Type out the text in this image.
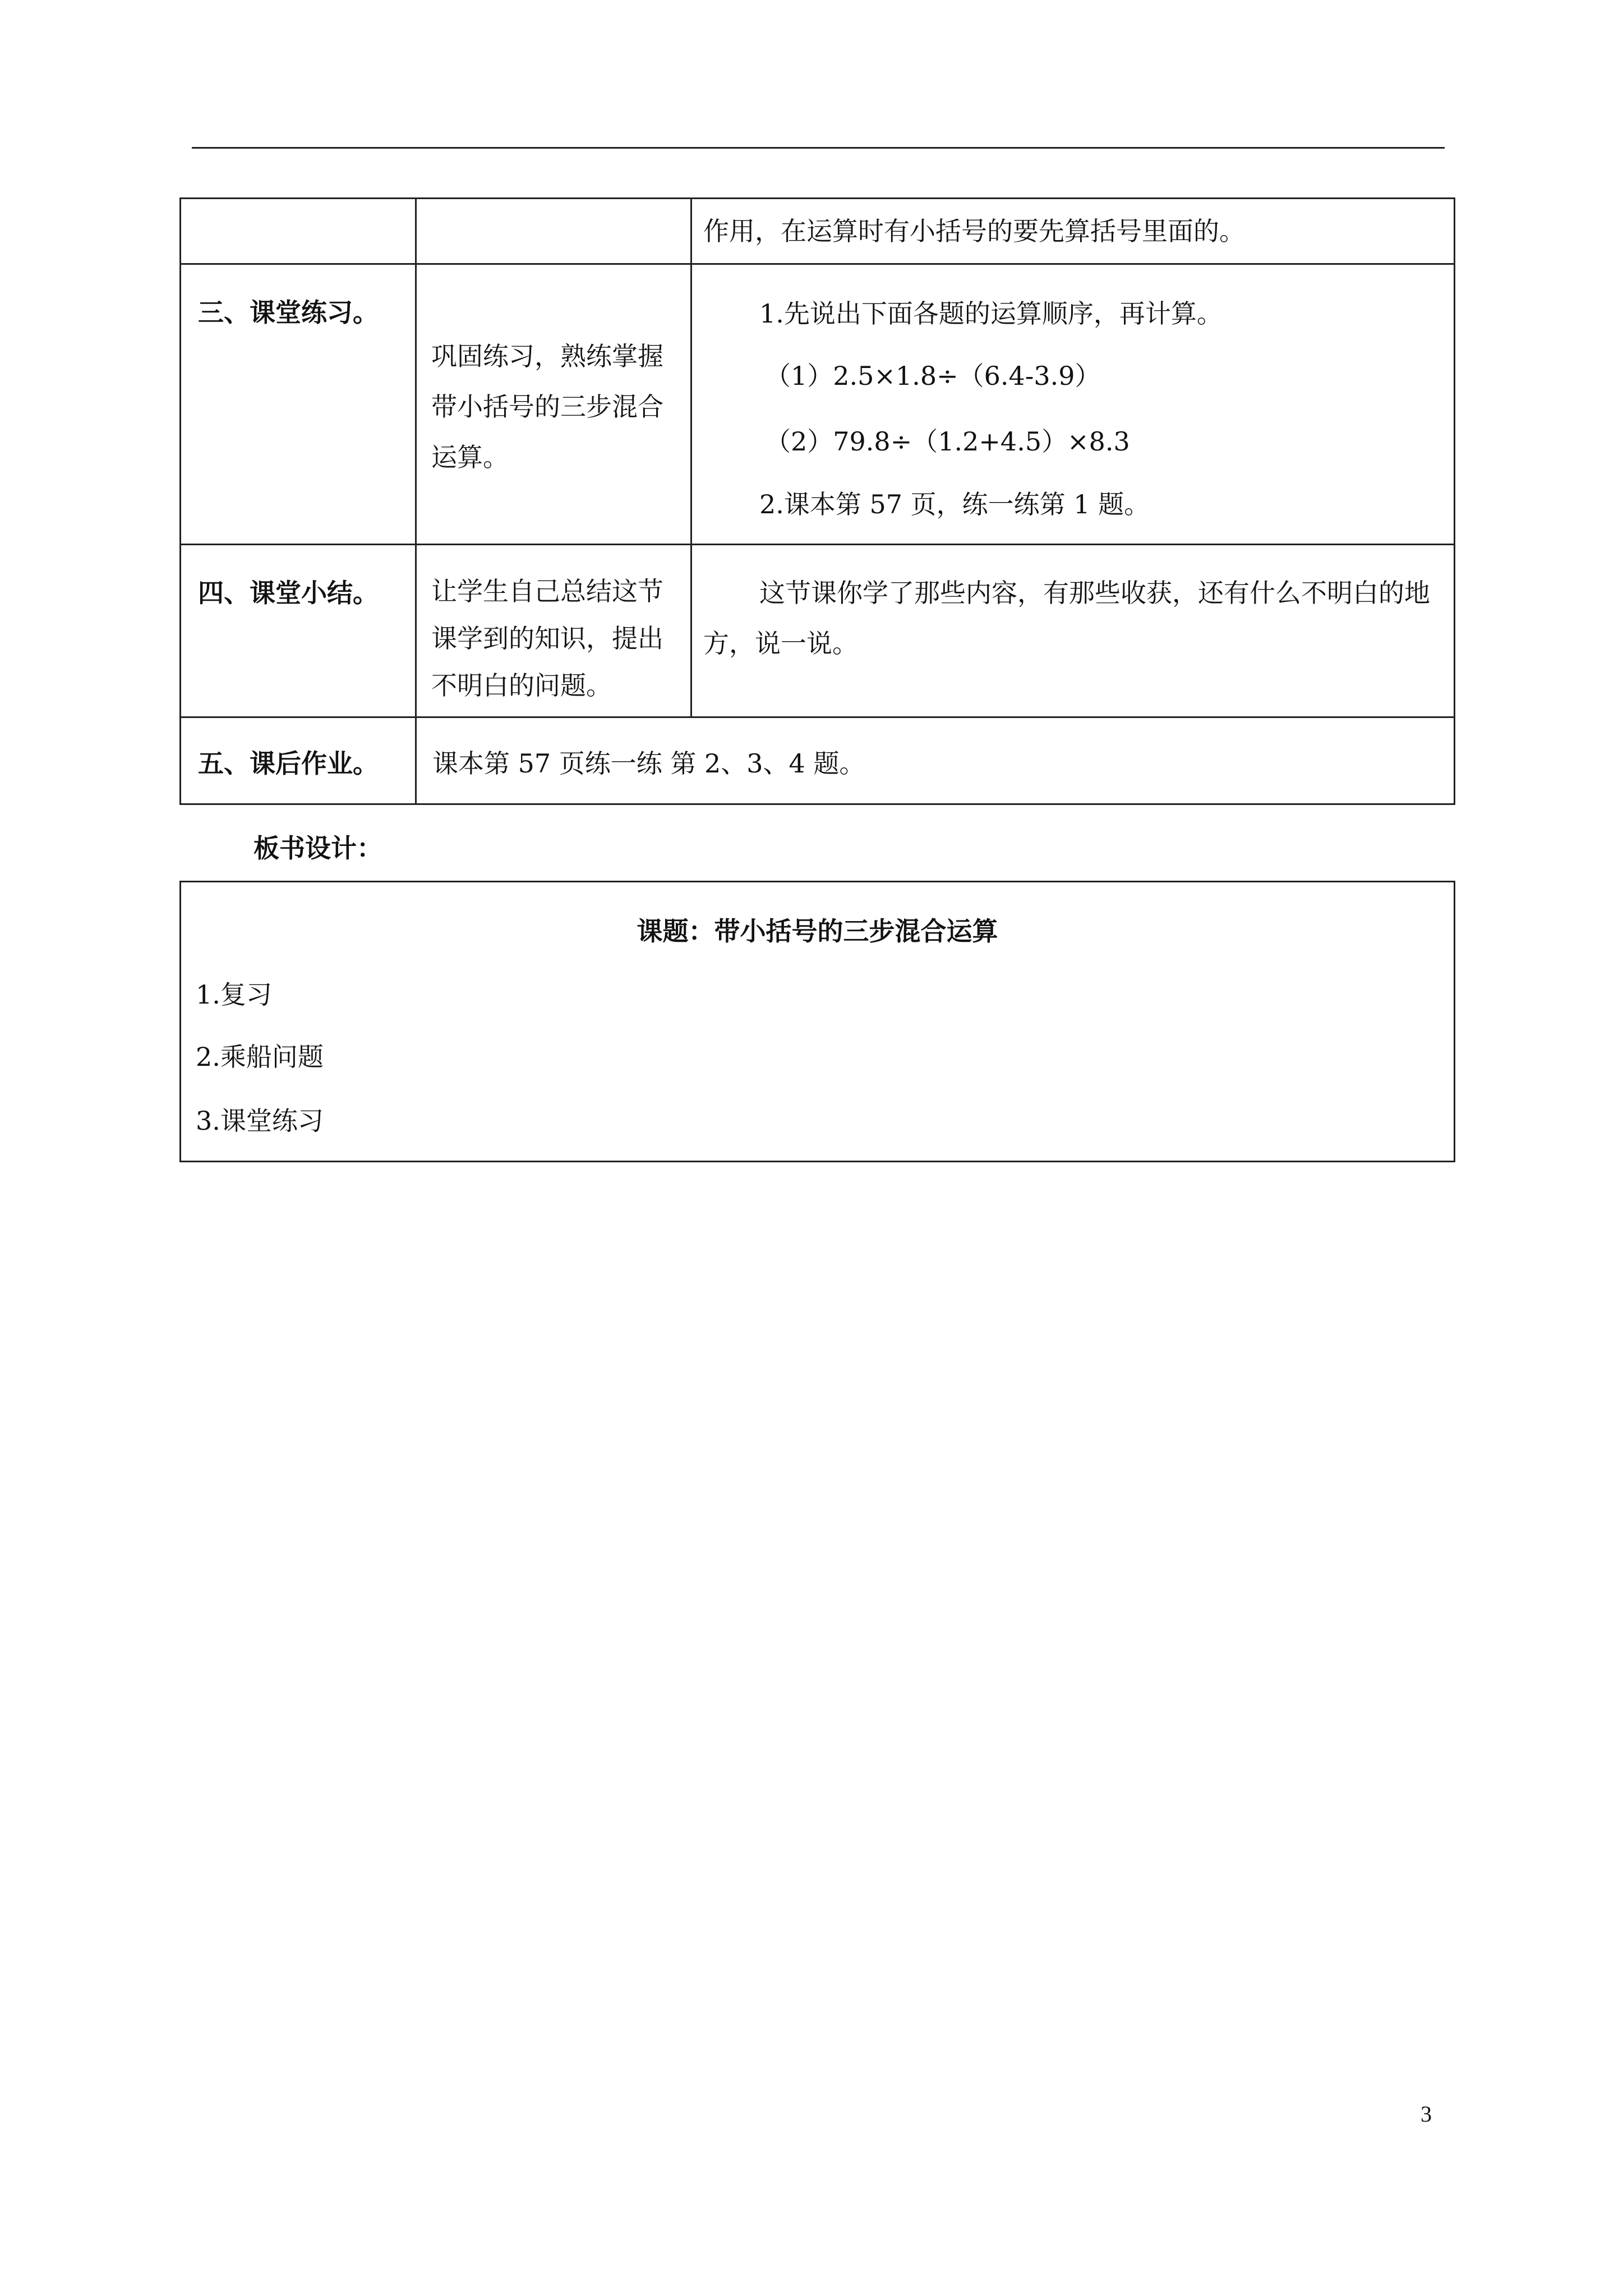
作用，在运算时有小括号的要先算括号里面的。
三、课堂练习。
巩固练习，熟练掌握带小括号的三步混合运算。
1.先说出下面各题的运算顺序，再计算。
（1）2.5×1.8÷（6.4-3.9）
（2）79.8÷（1.2+4.5）×8.3
2.课本第 57 页，练一练第 1 题。
四、课堂小结。 让学生自己总结这节课学到的知识，提出不明白的问题。
这节课你学了那些内容，有那些收获，还有什么不明白的地方，说一说。
五、课后作业。 课本第 57 页练一练 第 2、3、4 题。
板书设计：
课题：带小括号的三步混合运算
1.复习
2.乘船问题
3.课堂练习
3
